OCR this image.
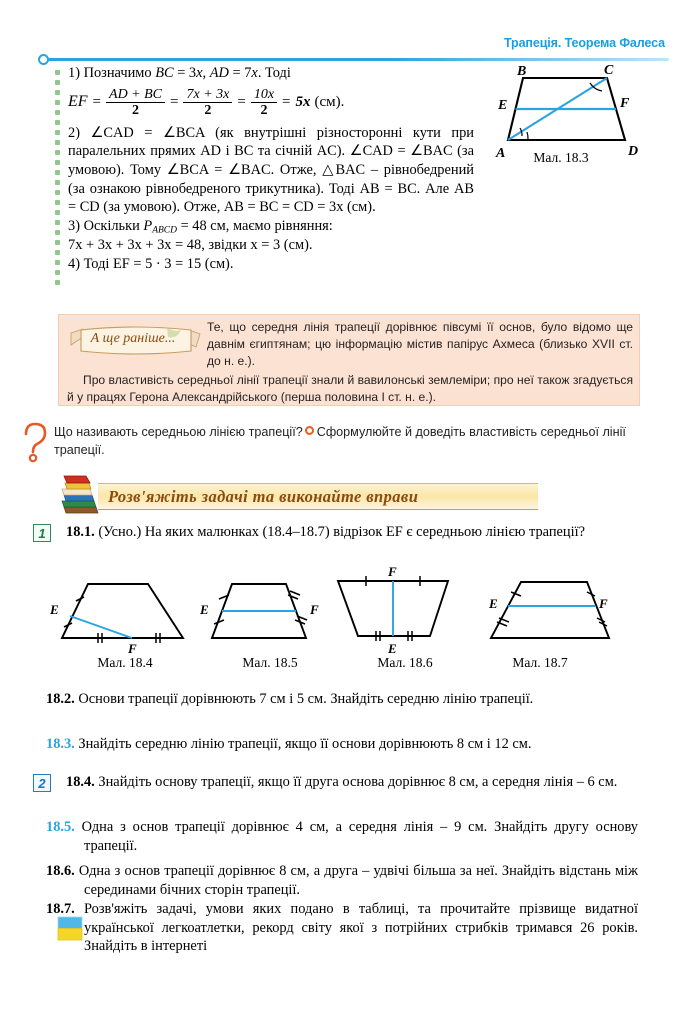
Трапеція. Теорема Фалеса
1) Позначимо BC = 3x, AD = 7x. Тоді
EF = $\frac{AD + BC}{2} = \frac{7x + 3x}{2} = \frac{10x}{2} = 5x$ (см).
2) ∠CAD = ∠BCA (як внутрішні різносторонні кути при паралельних прямих AD і BC та січній AC). ∠CAD = ∠BAC (за умовою). Тому ∠BCA = ∠BAC. Отже, △BAC – рівнобедрений (за ознакою рівнобедреного трикутника). Тоді AB = BC. Але AB = CD (за умовою). Отже, AB = BC = CD = 3x (см).
3) Оскільки $P_{ABCD} = 48$ см, маємо рівняння:
7x + 3x + 3x + 3x = 48, звідки x = 3 (см).
4) Тоді EF = 5 · 3 = 15 (см).
B	C
A	D
E	F
Мал. 18.3
А ще раніше...

Те, що середня лінія трапеції дорівнює півсумі її основ, було відомо ще давнім єгиптянам; цю інформацію містив папірус Ахмеса (близько XVII ст. до н. е.).

Про властивість середньої лінії трапеції знали й вавилонські землеміри; про неї також згадується й у працях Герона Александрійського (перша половина I ст. н. е.).

Що називають середньою лінією трапеції? Сформулюйте й доведіть властивість середньої лінії трапеції.
Розв'яжіть задачі та виконайте вправи
1
2
18.1. (Усно.) На яких малюнках (18.4–18.7) відрізок EF є середньою лінією трапеції?
E
F
E	F
F
E
E	F
Мал. 18.4	Мал. 18.5	Мал. 18.6	Мал. 18.7
18.2. Основи трапеції дорівнюють 7 см і 5 см. Знайдіть середню лінію трапеції.
18.3. Знайдіть середню лінію трапеції, якщо її основи дорівнюють 8 см і 12 см.
18.4. Знайдіть основу трапеції, якщо її друга основа дорівнює 8 см, а середня лінія – 6 см.
18.5. Одна з основ трапеції дорівнює 4 см, а середня лінія – 9 см. Знайдіть другу основу трапеції.
18.6. Одна з основ трапеції дорівнює 8 см, а друга – удвічі більша за неї. Знайдіть відстань між серединами бічних сторін трапеції.
18.7. Розв'яжіть задачі, умови яких подано в таблиці, та прочитайте прізвище видатної української легкоатлетки, рекорд світу якої з потрійних стрибків тримався 26 років. Знайдіть в інтернеті
